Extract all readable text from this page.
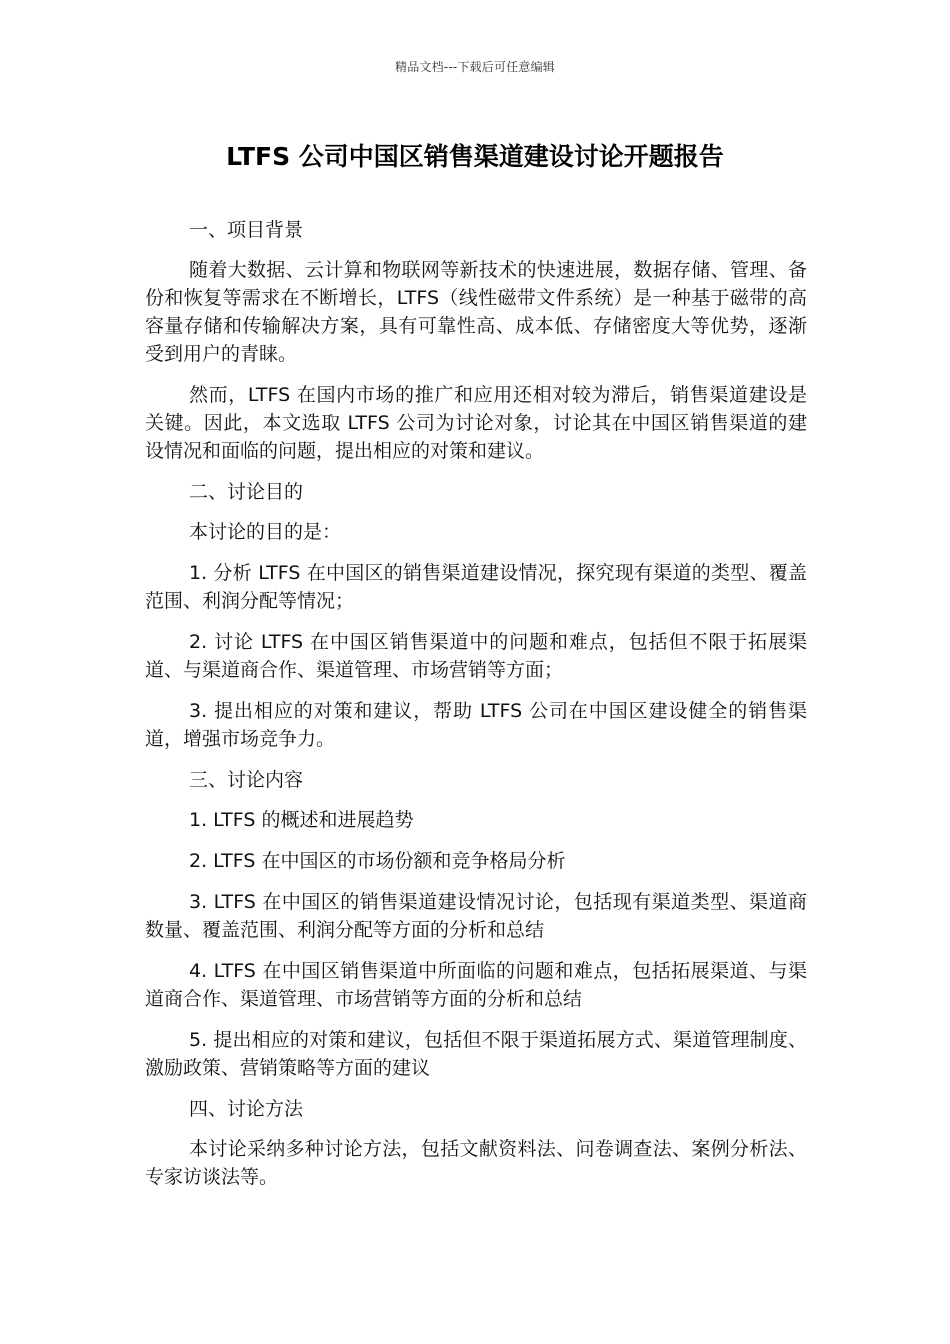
精品文档---下载后可任意编辑
LTFS 公司中国区销售渠道建设讨论开题报告

一、项目背景

随着大数据、云计算和物联网等新技术的快速进展，数据存储、管理、备份和恢复等需求在不断增长，LTFS（线性磁带文件系统）是一种基于磁带的高容量存储和传输解决方案，具有可靠性高、成本低、存储密度大等优势，逐渐受到用户的青睐。

然而，LTFS 在国内市场的推广和应用还相对较为滞后，销售渠道建设是关键。因此，本文选取 LTFS 公司为讨论对象，讨论其在中国区销售渠道的建设情况和面临的问题，提出相应的对策和建议。

二、讨论目的

本讨论的目的是：

1. 分析 LTFS 在中国区的销售渠道建设情况，探究现有渠道的类型、覆盖范围、利润分配等情况；

2. 讨论 LTFS 在中国区销售渠道中的问题和难点，包括但不限于拓展渠道、与渠道商合作、渠道管理、市场营销等方面；

3. 提出相应的对策和建议，帮助 LTFS 公司在中国区建设健全的销售渠道，增强市场竞争力。

三、讨论内容

1. LTFS 的概述和进展趋势

2. LTFS 在中国区的市场份额和竞争格局分析

3. LTFS 在中国区的销售渠道建设情况讨论，包括现有渠道类型、渠道商数量、覆盖范围、利润分配等方面的分析和总结

4. LTFS 在中国区销售渠道中所面临的问题和难点，包括拓展渠道、与渠道商合作、渠道管理、市场营销等方面的分析和总结

5. 提出相应的对策和建议，包括但不限于渠道拓展方式、渠道管理制度、激励政策、营销策略等方面的建议

四、讨论方法

本讨论采纳多种讨论方法，包括文献资料法、问卷调查法、案例分析法、专家访谈法等。
